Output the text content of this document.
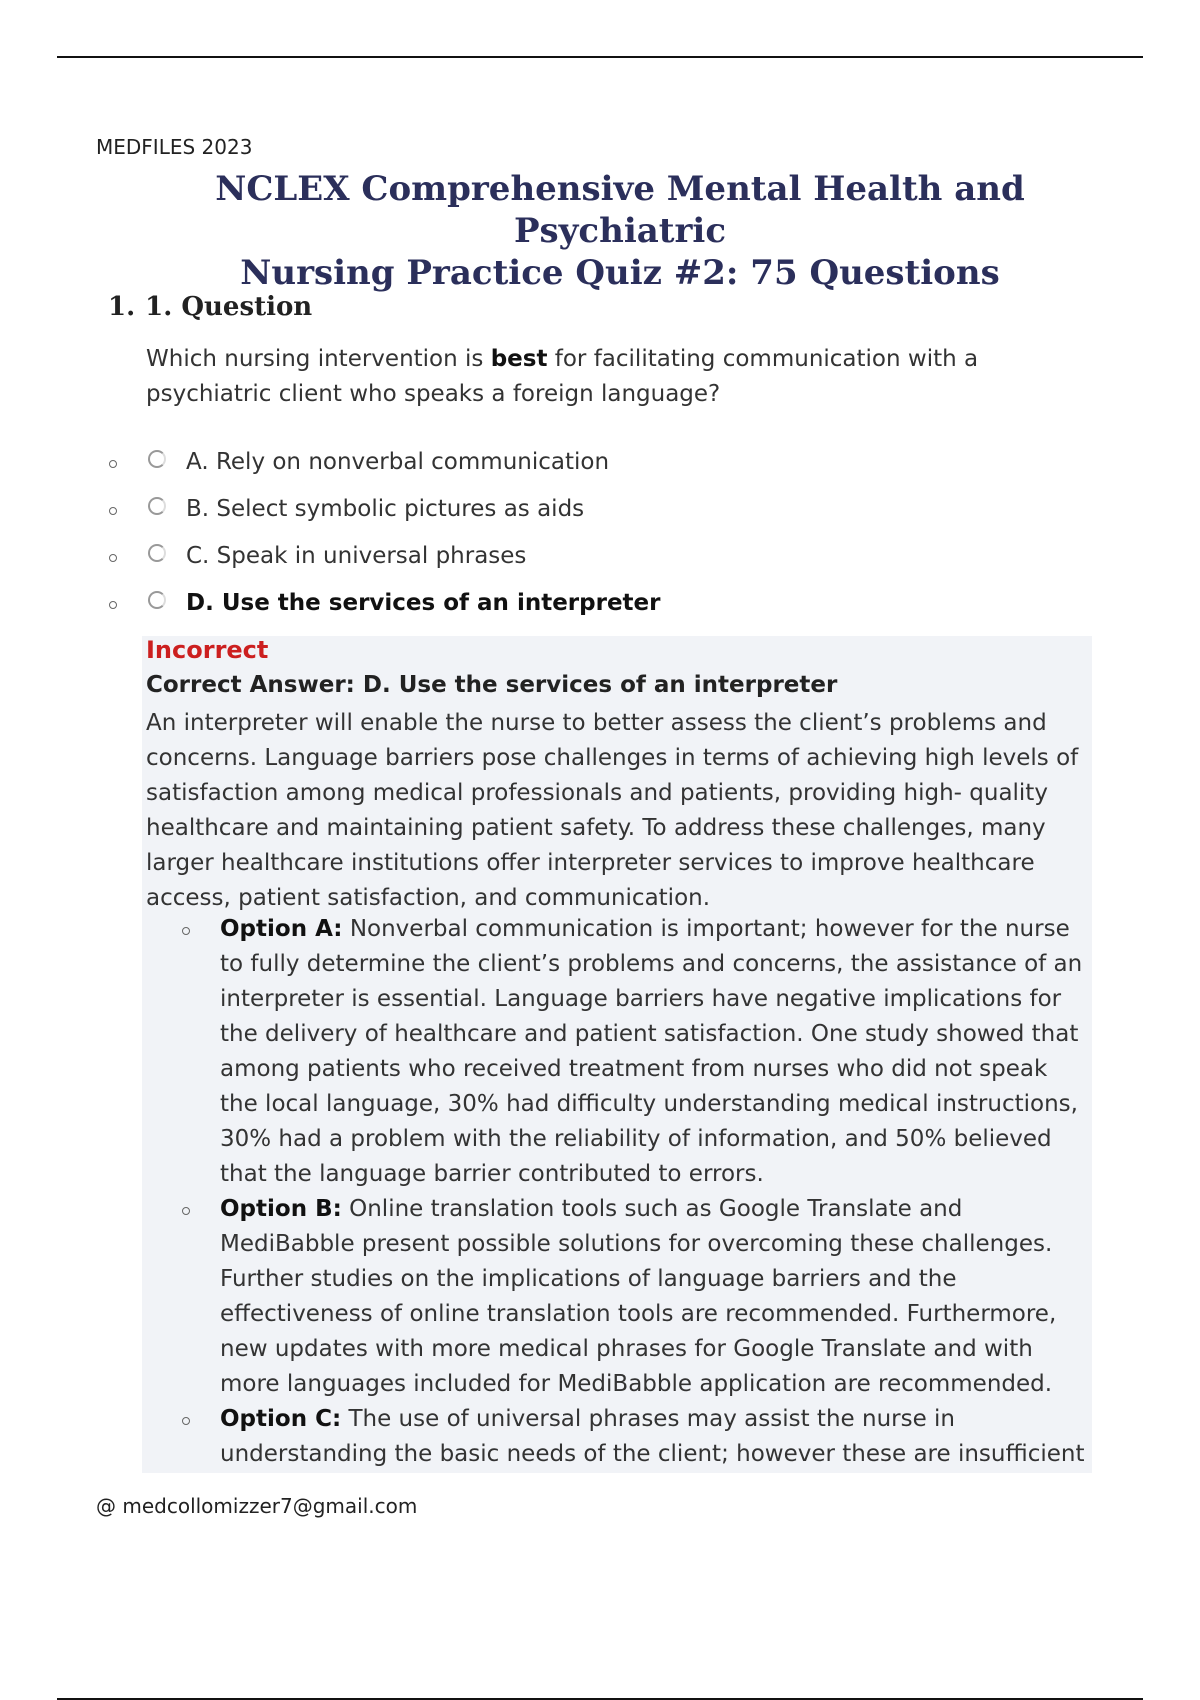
MEDFILES 2023
NCLEX Comprehensive Mental Health and Psychiatric
Nursing Practice Quiz #2: 75 Questions
1. 1. Question

Which nursing intervention is best for facilitating communication with a psychiatric client who speaks a foreign language?

A. Rely on nonverbal communication
B. Select symbolic pictures as aids
C. Speak in universal phrases
D. Use the services of an interpreter
Incorrect
Correct Answer: D. Use the services of an interpreter

An interpreter will enable the nurse to better assess the client’s problems and concerns. Language barriers pose challenges in terms of achieving high levels of satisfaction among medical professionals and patients, providing high- quality healthcare and maintaining patient safety. To address these challenges, many larger healthcare institutions offer interpreter services to improve healthcare access, patient satisfaction, and communication.

Option A: Nonverbal communication is important; however for the nurse to fully determine the client’s problems and concerns, the assistance of an interpreter is essential. Language barriers have negative implications for the delivery of healthcare and patient satisfaction. One study showed that among patients who received treatment from nurses who did not speak the local language, 30% had difficulty understanding medical instructions, 30% had a problem with the reliability of information, and 50% believed that the language barrier contributed to errors.
Option B: Online translation tools such as Google Translate and MediBabble present possible solutions for overcoming these challenges. Further studies on the implications of language barriers and the effectiveness of online translation tools are recommended. Furthermore, new updates with more medical phrases for Google Translate and with more languages included for MediBabble application are recommended.
Option C: The use of universal phrases may assist the nurse in understanding the basic needs of the client; however these are insufficient
@ medcollomizzer7@gmail.com
